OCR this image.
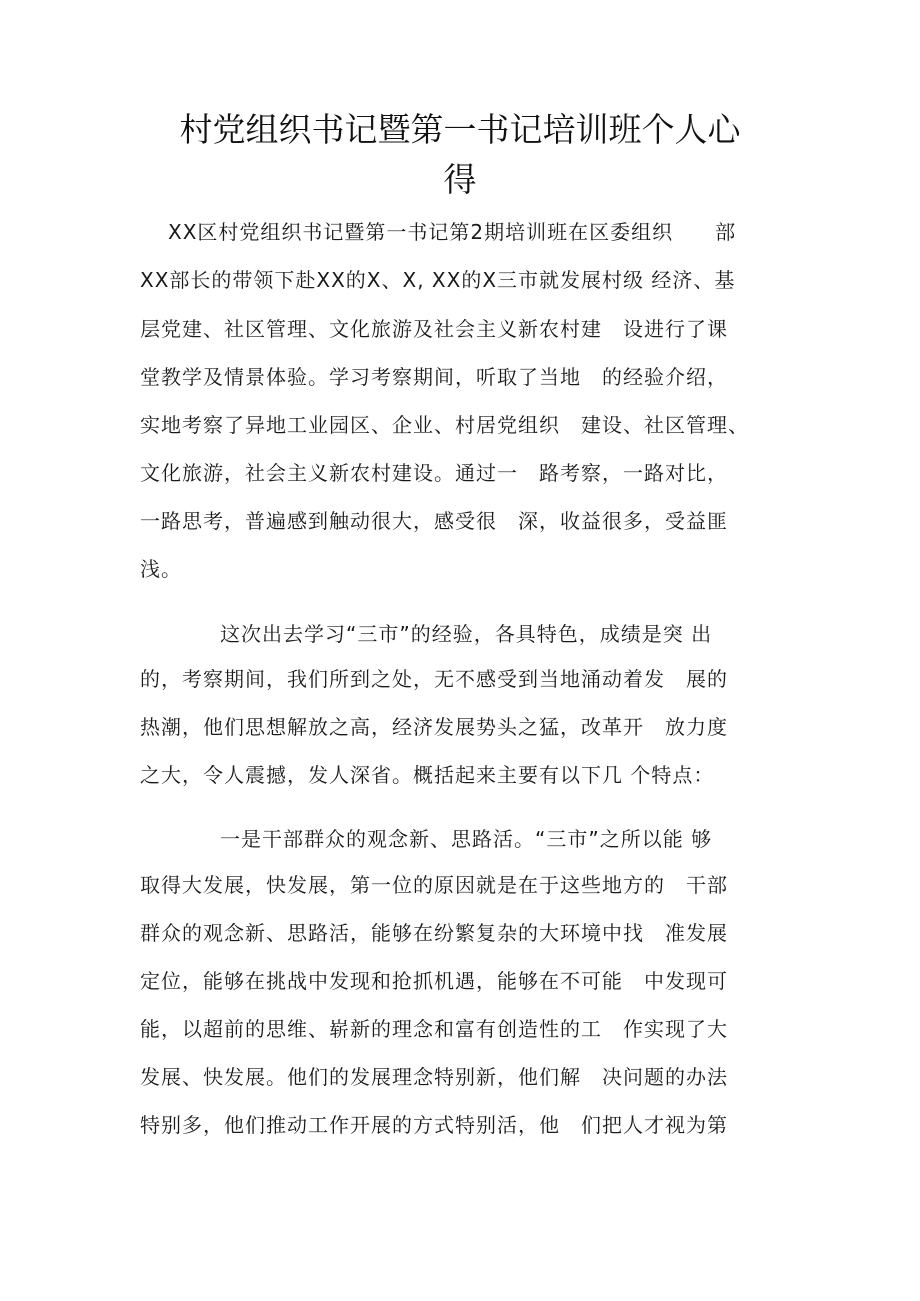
村党组织书记暨第一书记培训班个人心
得
XX区村党组织书记暨第一书记第2期培训班在区委组织　　部
XX部长的带领下赴XX的X、X, XX的X三市就发展村级 经济、基
层党建、社区管理、文化旅游及社会主义新农村建　设进行了课
堂教学及情景体验。学习考察期间，听取了当地　的经验介绍，
实地考察了异地工业园区、企业、村居党组织　建设、社区管理、
文化旅游，社会主义新农村建设。通过一　路考察，一路对比，
一路思考，普遍感到触动很大，感受很　深，收益很多，受益匪
浅。
这次出去学习“三市”的经验，各具特色，成绩是突 出
的，考察期间，我们所到之处，无不感受到当地涌动着发　展的
热潮，他们思想解放之高，经济发展势头之猛，改革开　放力度
之大，令人震撼，发人深省。概括起来主要有以下几 个特点：
一是干部群众的观念新、思路活。“三市”之所以能 够
取得大发展，快发展，第一位的原因就是在于这些地方的　干部
群众的观念新、思路活，能够在纷繁复杂的大环境中找　准发展
定位，能够在挑战中发现和抢抓机遇，能够在不可能　中发现可
能，以超前的思维、崭新的理念和富有创造性的工　作实现了大
发展、快发展。他们的发展理念特别新，他们解　决问题的办法
特别多，他们推动工作开展的方式特别活，他　们把人才视为第
